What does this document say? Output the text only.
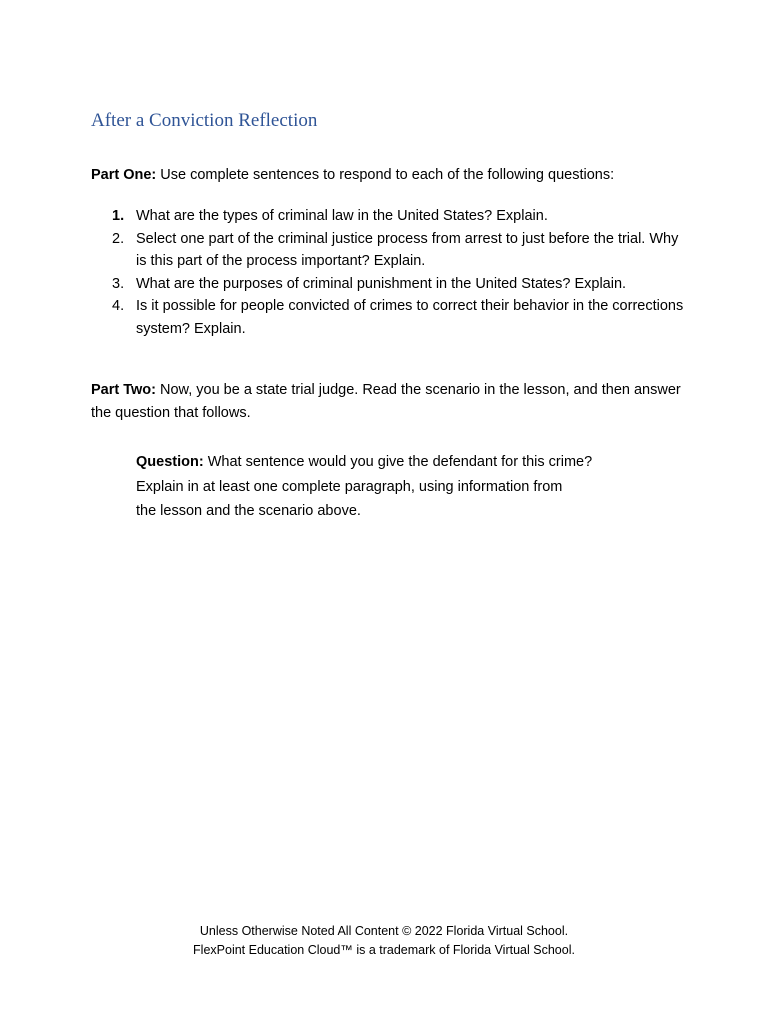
After a Conviction Reflection

Part One: Use complete sentences to respond to each of the following questions:

1. What are the types of criminal law in the United States? Explain.
2. Select one part of the criminal justice process from arrest to just before the trial. Why is this part of the process important? Explain.
3. What are the purposes of criminal punishment in the United States? Explain.
4. Is it possible for people convicted of crimes to correct their behavior in the corrections system? Explain.

Part Two: Now, you be a state trial judge. Read the scenario in the lesson, and then answer the question that follows.

Question: What sentence would you give the defendant for this crime?
Explain in at least one complete paragraph, using information from
the lesson and the scenario above.

Unless Otherwise Noted All Content © 2022 Florida Virtual School.
FlexPoint Education Cloud™ is a trademark of Florida Virtual School.
